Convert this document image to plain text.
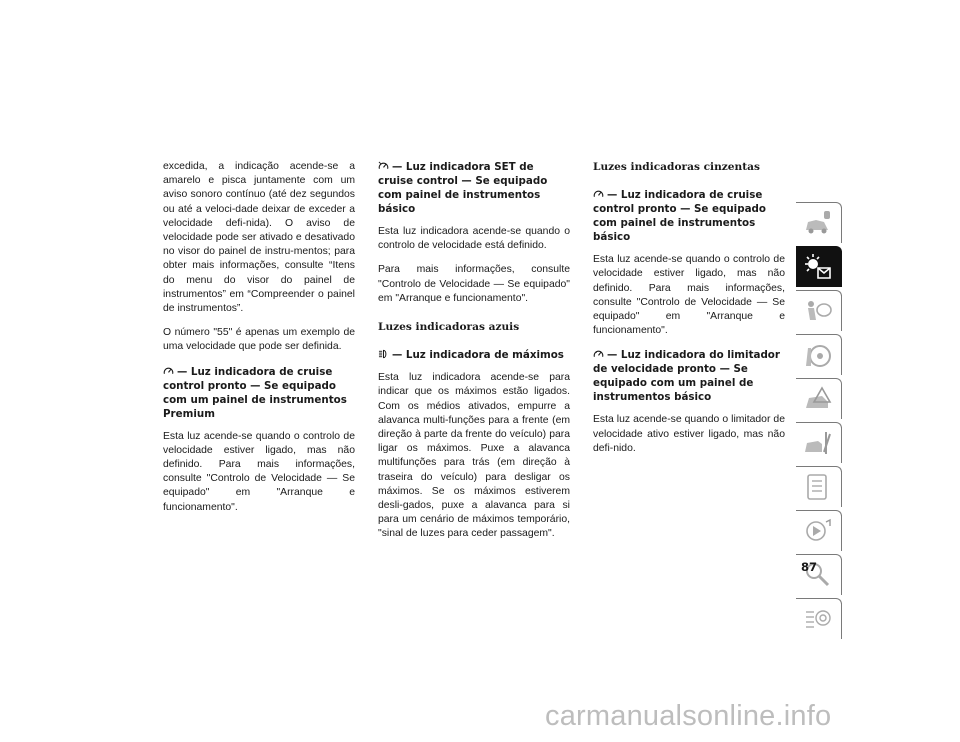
excedida, a indicação acende-se a amarelo e pisca juntamente com um aviso sonoro contínuo (até dez segundos ou até a veloci-dade deixar de exceder a velocidade defi-nida). O aviso de velocidade pode ser ativado e desativado no visor do painel de instru-mentos; para obter mais informações, consulte “Itens do menu do visor do painel de instrumentos” em “Compreender o painel de instrumentos”.

O número "55" é apenas um exemplo de uma velocidade que pode ser definida.

— Luz indicadora de cruise control pronto — Se equipado com um painel de instrumentos Premium

Esta luz acende-se quando o controlo de velocidade estiver ligado, mas não definido. Para mais informações, consulte "Controlo de Velocidade — Se equipado" em "Arranque e funcionamento".

— Luz indicadora SET de cruise control — Se equipado com painel de instrumentos básico

Esta luz indicadora acende-se quando o controlo de velocidade está definido.

Para mais informações, consulte "Controlo de Velocidade — Se equipado" em "Arranque e funcionamento".

Luzes indicadoras azuis
— Luz indicadora de máximos

Esta luz indicadora acende-se para indicar que os máximos estão ligados. Com os médios ativados, empurre a alavanca multi-funções para a frente (em direção à parte da frente do veículo) para ligar os máximos. Puxe a alavanca multifunções para trás (em direção à traseira do veículo) para desligar os máximos. Se os máximos estiverem desli-gados, puxe a alavanca para si para um cenário de máximos temporário, "sinal de luzes para ceder passagem".

Luzes indicadoras cinzentas
— Luz indicadora de cruise control pronto — Se equipado com painel de instrumentos básico

Esta luz acende-se quando o controlo de velocidade estiver ligado, mas não definido. Para mais informações, consulte "Controlo de Velocidade — Se equipado" em "Arranque e funcionamento".

— Luz indicadora do limitador de velocidade pronto — Se equipado com um painel de instrumentos básico

Esta luz acende-se quando o limitador de velocidade ativo estiver ligado, mas não defi-nido.

87
carmanualsonline.info
